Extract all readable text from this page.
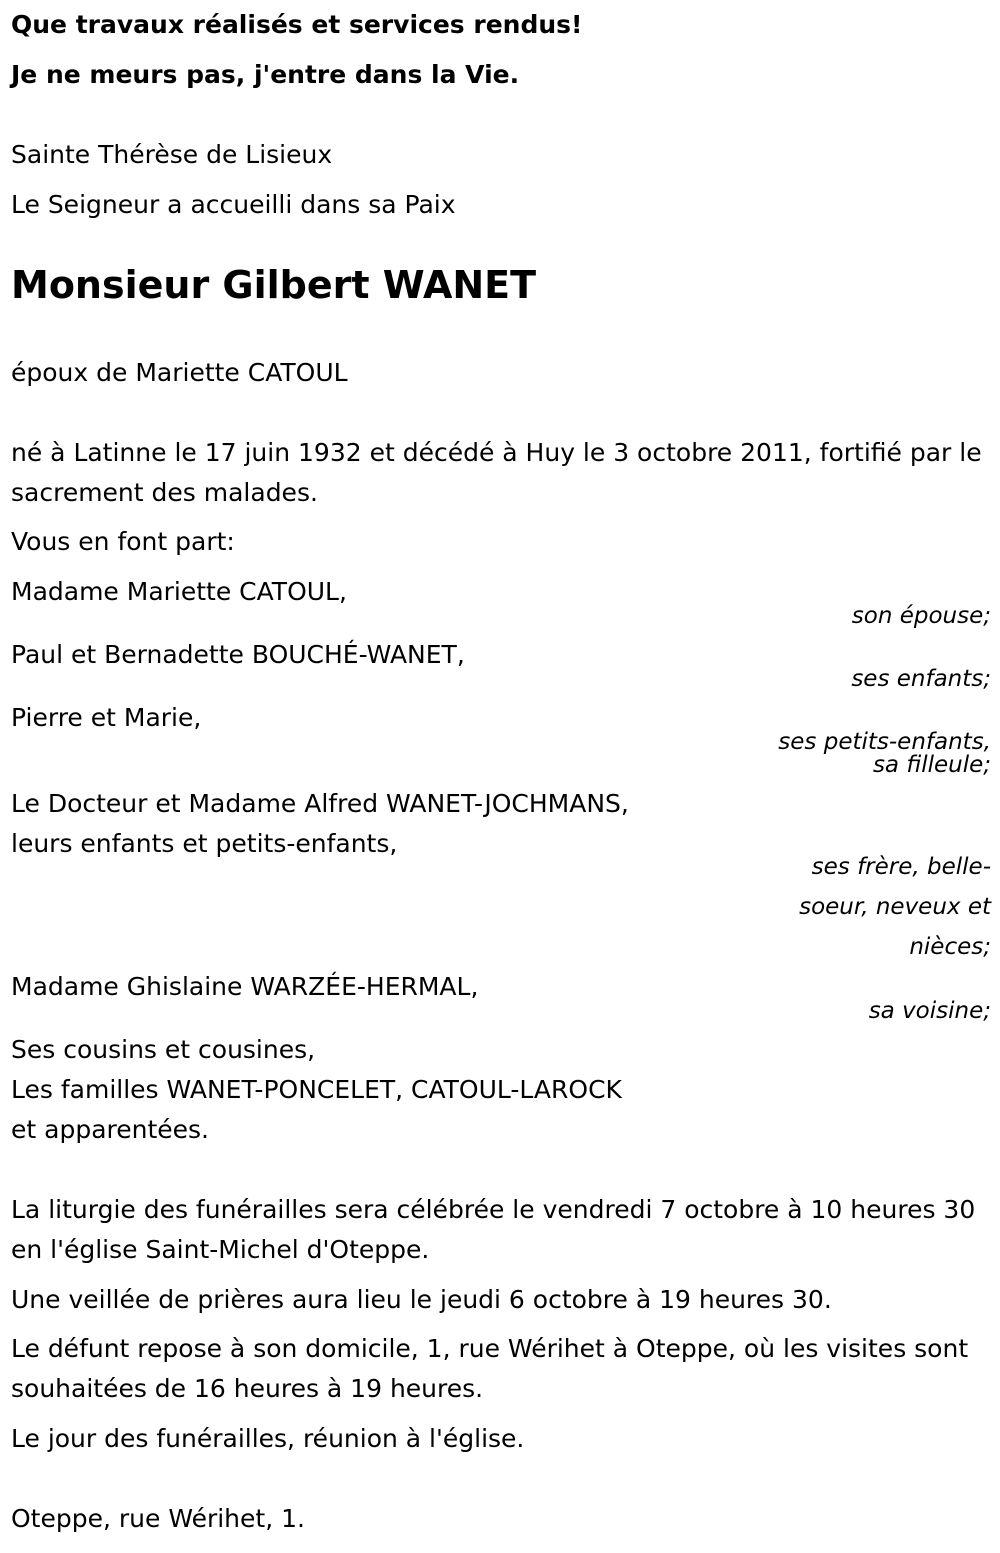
Que travaux réalisés et services rendus!
Je ne meurs pas, j'entre dans la Vie.
Sainte Thérèse de Lisieux
Le Seigneur a accueilli dans sa Paix
Monsieur Gilbert WANET
époux de Mariette CATOUL
né à Latinne le 17 juin 1932 et décédé à Huy le 3 octobre 2011, fortifié par le sacrement des malades.
Vous en font part:
Madame Mariette CATOUL,
son épouse;
Paul et Bernadette BOUCHÉ-WANET,
ses enfants;
Pierre et Marie,
ses petits-enfants,
sa filleule;
Le Docteur et Madame Alfred WANET-JOCHMANS,
leurs enfants et petits-enfants,
ses frère, belle-soeur, neveux et nièces;
Madame Ghislaine WARZÉE-HERMAL,
sa voisine;
Ses cousins et cousines,
Les familles WANET-PONCELET, CATOUL-LAROCK
et apparentées.
La liturgie des funérailles sera célébrée le vendredi 7 octobre à 10 heures 30 en l'église Saint-Michel d'Oteppe.
Une veillée de prières aura lieu le jeudi 6 octobre à 19 heures 30.
Le défunt repose à son domicile, 1, rue Wérihet à Oteppe, où les visites sont souhaitées de 16 heures à 19 heures.
Le jour des funérailles, réunion à l'église.
Oteppe, rue Wérihet, 1.
